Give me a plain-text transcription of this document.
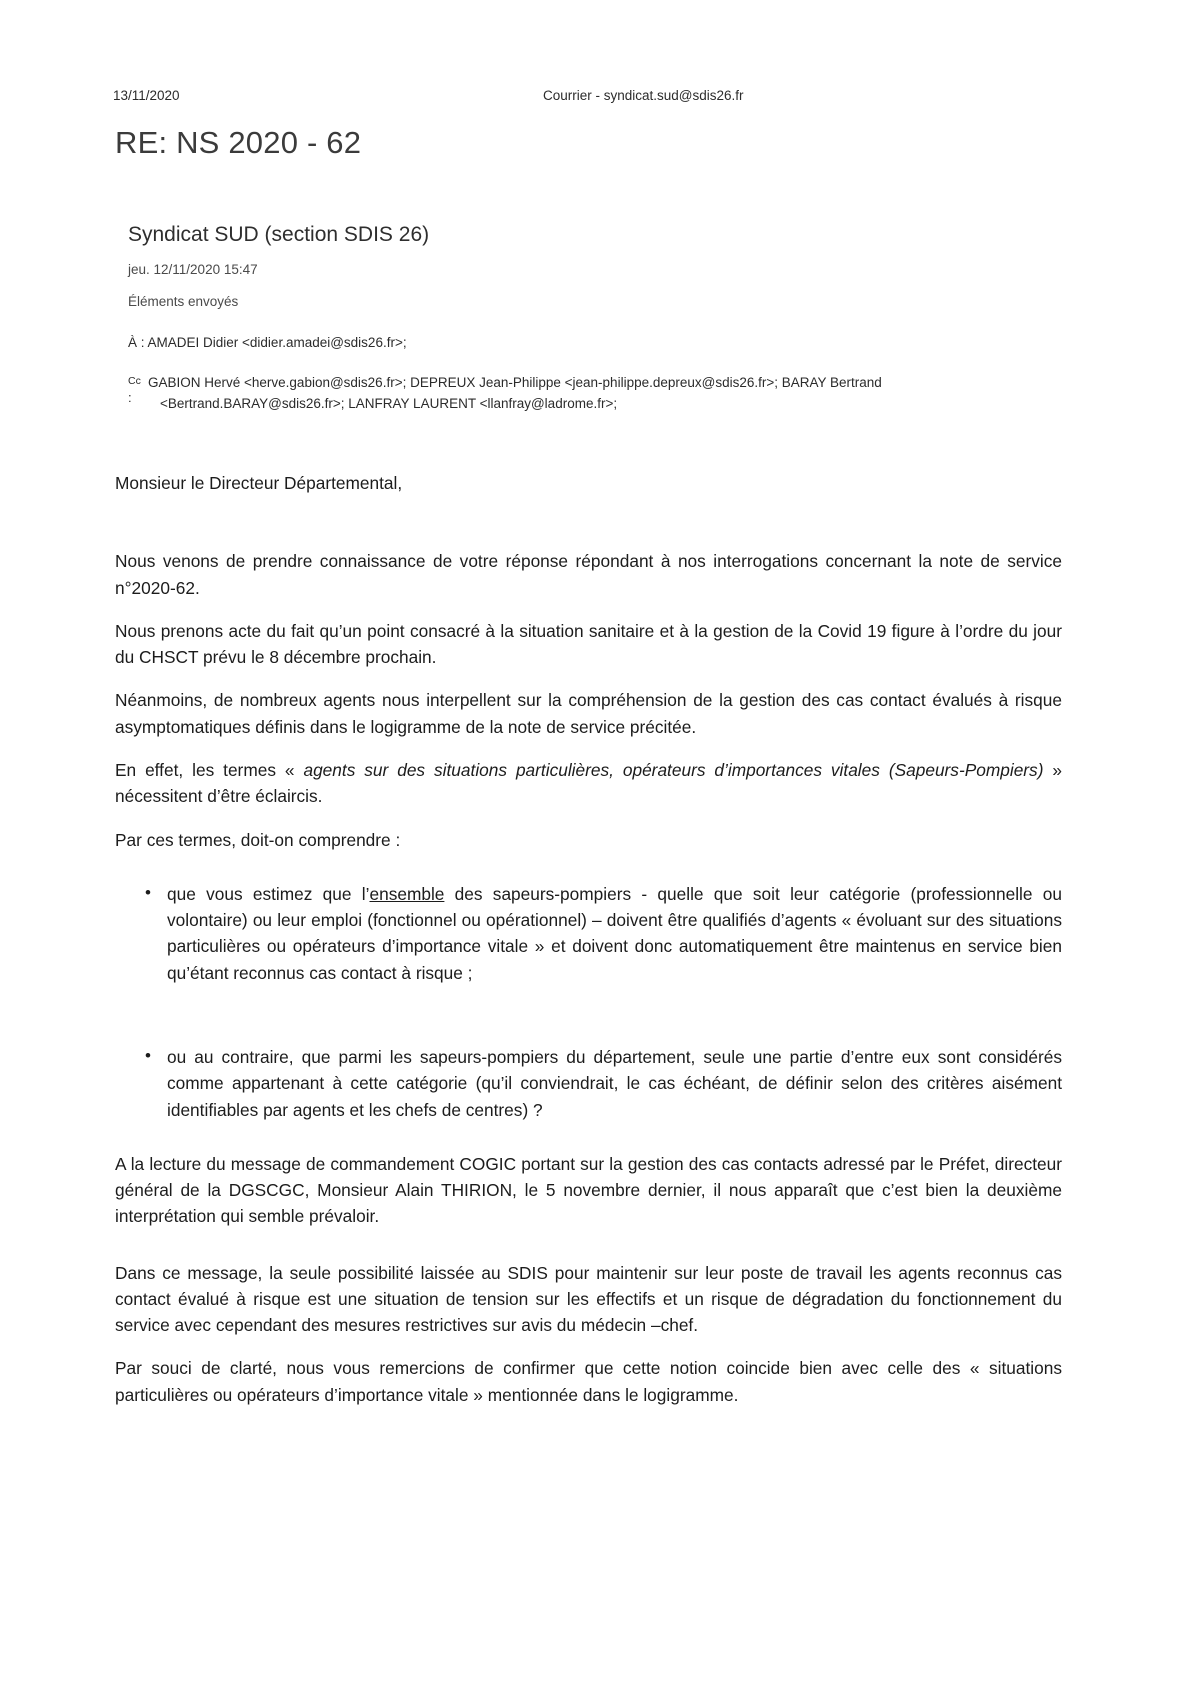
13/11/2020	Courrier - syndicat.sud@sdis26.fr
RE: NS 2020 - 62
Syndicat SUD (section SDIS 26)
jeu. 12/11/2020 15:47
Éléments envoyés
À : AMADEI Didier <didier.amadei@sdis26.fr>;
Cc
:
GABION Hervé <herve.gabion@sdis26.fr>; DEPREUX Jean-Philippe <jean-philippe.depreux@sdis26.fr>; BARAY Bertrand
<Bertrand.BARAY@sdis26.fr>; LANFRAY LAURENT <llanfray@ladrome.fr>;

Monsieur le Directeur Départemental,

Nous venons de prendre connaissance de votre réponse répondant à nos interrogations concernant la note de service n°2020-62.

Nous prenons acte du fait qu’un point consacré à la situation sanitaire et à la gestion de la Covid 19 figure à l’ordre du jour du CHSCT prévu le 8 décembre prochain.

Néanmoins, de nombreux agents nous interpellent sur la compréhension de la gestion des cas contact évalués à risque asymptomatiques définis dans le logigramme de la note de service précitée.

En effet, les termes « agents sur des situations particulières, opérateurs d’importances vitales (Sapeurs-Pompiers) » nécessitent d’être éclaircis.

Par ces termes, doit-on comprendre :

• que vous estimez que l’ensemble des sapeurs-pompiers - quelle que soit leur catégorie (professionnelle ou volontaire) ou leur emploi (fonctionnel ou opérationnel) – doivent être qualifiés d’agents « évoluant sur des situations particulières ou opérateurs d’importance vitale » et doivent donc automatiquement être maintenus en service bien qu’étant reconnus cas contact à risque ;
• ou au contraire, que parmi les sapeurs-pompiers du département, seule une partie d’entre eux sont considérés comme appartenant à cette catégorie (qu’il conviendrait, le cas échéant, de définir selon des critères aisément identifiables par agents et les chefs de centres) ?

A la lecture du message de commandement COGIC portant sur la gestion des cas contacts adressé par le Préfet, directeur général de la DGSCGC, Monsieur Alain THIRION, le 5 novembre dernier, il nous apparaît que c’est bien la deuxième interprétation qui semble prévaloir.

Dans ce message, la seule possibilité laissée au SDIS pour maintenir sur leur poste de travail les agents reconnus cas contact évalué à risque est une situation de tension sur les effectifs et un risque de dégradation du fonctionnement du service avec cependant des mesures restrictives sur avis du médecin –chef.

Par souci de clarté, nous vous remercions de confirmer que cette notion coincide bien avec celle des « situations particulières ou opérateurs d’importance vitale » mentionnée dans le logigramme.
